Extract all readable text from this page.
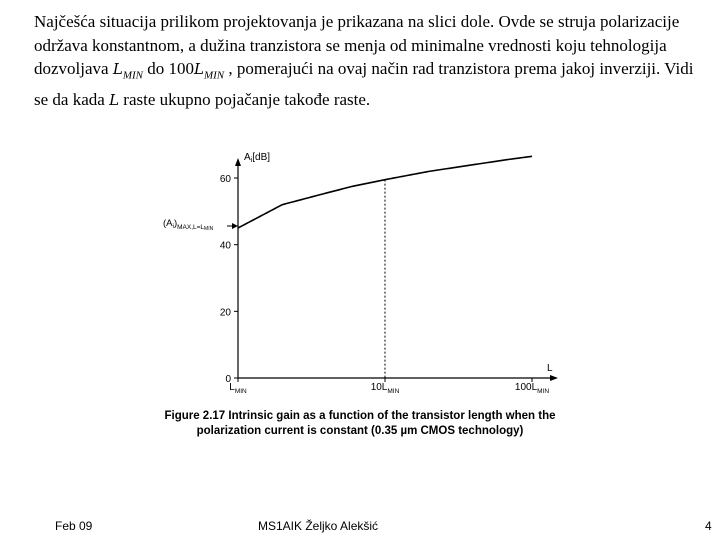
Najčešća situacija prilikom projektovanja je prikazana na slici dole. Ovde se struja polarizacije održava konstantnom, a dužina tranzistora se menja od minimalne vrednosti koju tehnologija dozvoljava $L_{MIN}$ do $100L_{MIN}$ , pomerajući na ovaj način rad tranzistora prema jakoj inverziji. Vidi se da kada L raste ukupno pojačanje takođe raste.
$A_i[dB]$
L
0
20
40
60
$L_{MIN}$	$10L_{MIN}$	$100L_{MIN}$
$(A_i)_{MAX,L=L}MIN$
Figure 2.17 Intrinsic gain as a function of the transistor length when the
polarization current is constant (0.35 µm CMOS technology)
Feb 09	MS1AIK Željko Alekšić	4
